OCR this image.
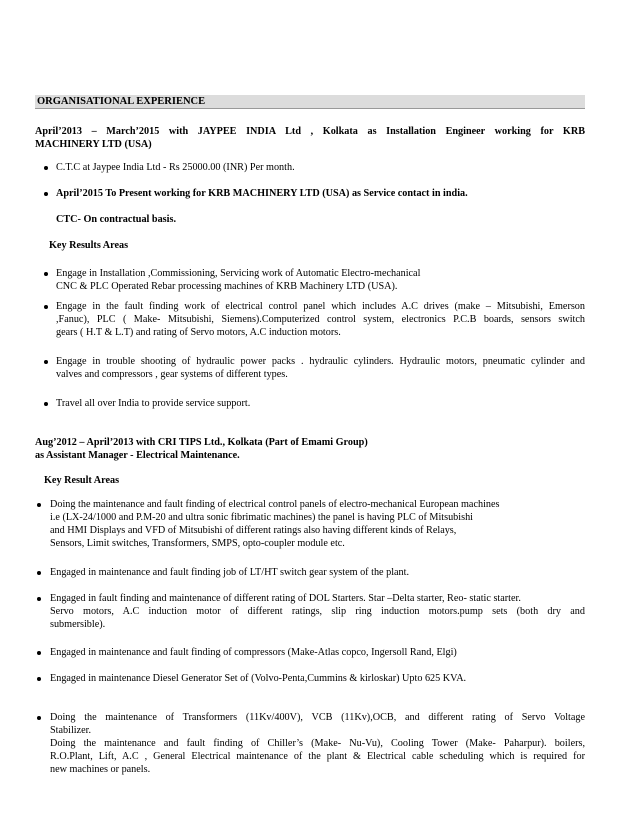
ORGANISATIONAL EXPERIENCE
April’2013 – March’2015 with JAYPEE INDIA Ltd , Kolkata as Installation Engineer working for KRB
MACHINERY LTD (USA)
C.T.C at Jaypee India Ltd - Rs 25000.00 (INR) Per month.
April’2015 To Present working for KRB MACHINERY LTD (USA) as Service contact in india.
CTC- On contractual basis.
Key Results Areas
Engage in Installation ,Commissioning, Servicing work of Automatic Electro-mechanical
CNC & PLC Operated Rebar processing machines of KRB Machinery LTD (USA).
Engage in the fault finding work of electrical control panel which includes A.C drives (make – Mitsubishi, Emerson
,Fanuc), PLC ( Make- Mitsubishi, Siemens).Computerized control system, electronics P.C.B boards, sensors switch
gears ( H.T & L.T) and rating of Servo motors, A.C induction motors.
Engage in trouble shooting of hydraulic power packs . hydraulic cylinders. Hydraulic motors, pneumatic cylinder and
valves and compressors , gear systems of different types.
Travel all over India to provide service support.
Aug’2012 – April’2013 with CRI TIPS Ltd., Kolkata (Part of Emami Group)
as Assistant Manager - Electrical Maintenance.
Key Result Areas
Doing the maintenance and fault finding of electrical control panels of electro-mechanical European machines
i.e (LX-24/1000 and P.M-20 and ultra sonic fibrimatic machines) the panel is having PLC of Mitsubishi
and HMI Displays and VFD of Mitsubishi of different ratings also having different kinds of Relays,
Sensors, Limit switches, Transformers, SMPS, opto-coupler module etc.
Engaged in maintenance and fault finding job of LT/HT switch gear system of the plant.
Engaged in fault finding and maintenance of different rating of DOL Starters. Star –Delta starter, Reo- static starter.
Servo motors, A.C induction motor of different ratings, slip ring induction motors.pump sets (both dry and
submersible).
Engaged in maintenance and fault finding of compressors (Make-Atlas copco, Ingersoll Rand, Elgi)
Engaged in maintenance Diesel Generator Set of (Volvo-Penta,Cummins & kirloskar) Upto 625 KVA.
Doing the maintenance of Transformers (11Kv/400V), VCB (11Kv),OCB, and different rating of Servo Voltage
Stabilizer.
Doing the maintenance and fault finding of Chiller’s (Make- Nu-Vu), Cooling Tower (Make- Paharpur). boilers,
R.O.Plant, Lift, A.C , General Electrical maintenance of the plant & Electrical cable scheduling which is required for
new machines or panels.
